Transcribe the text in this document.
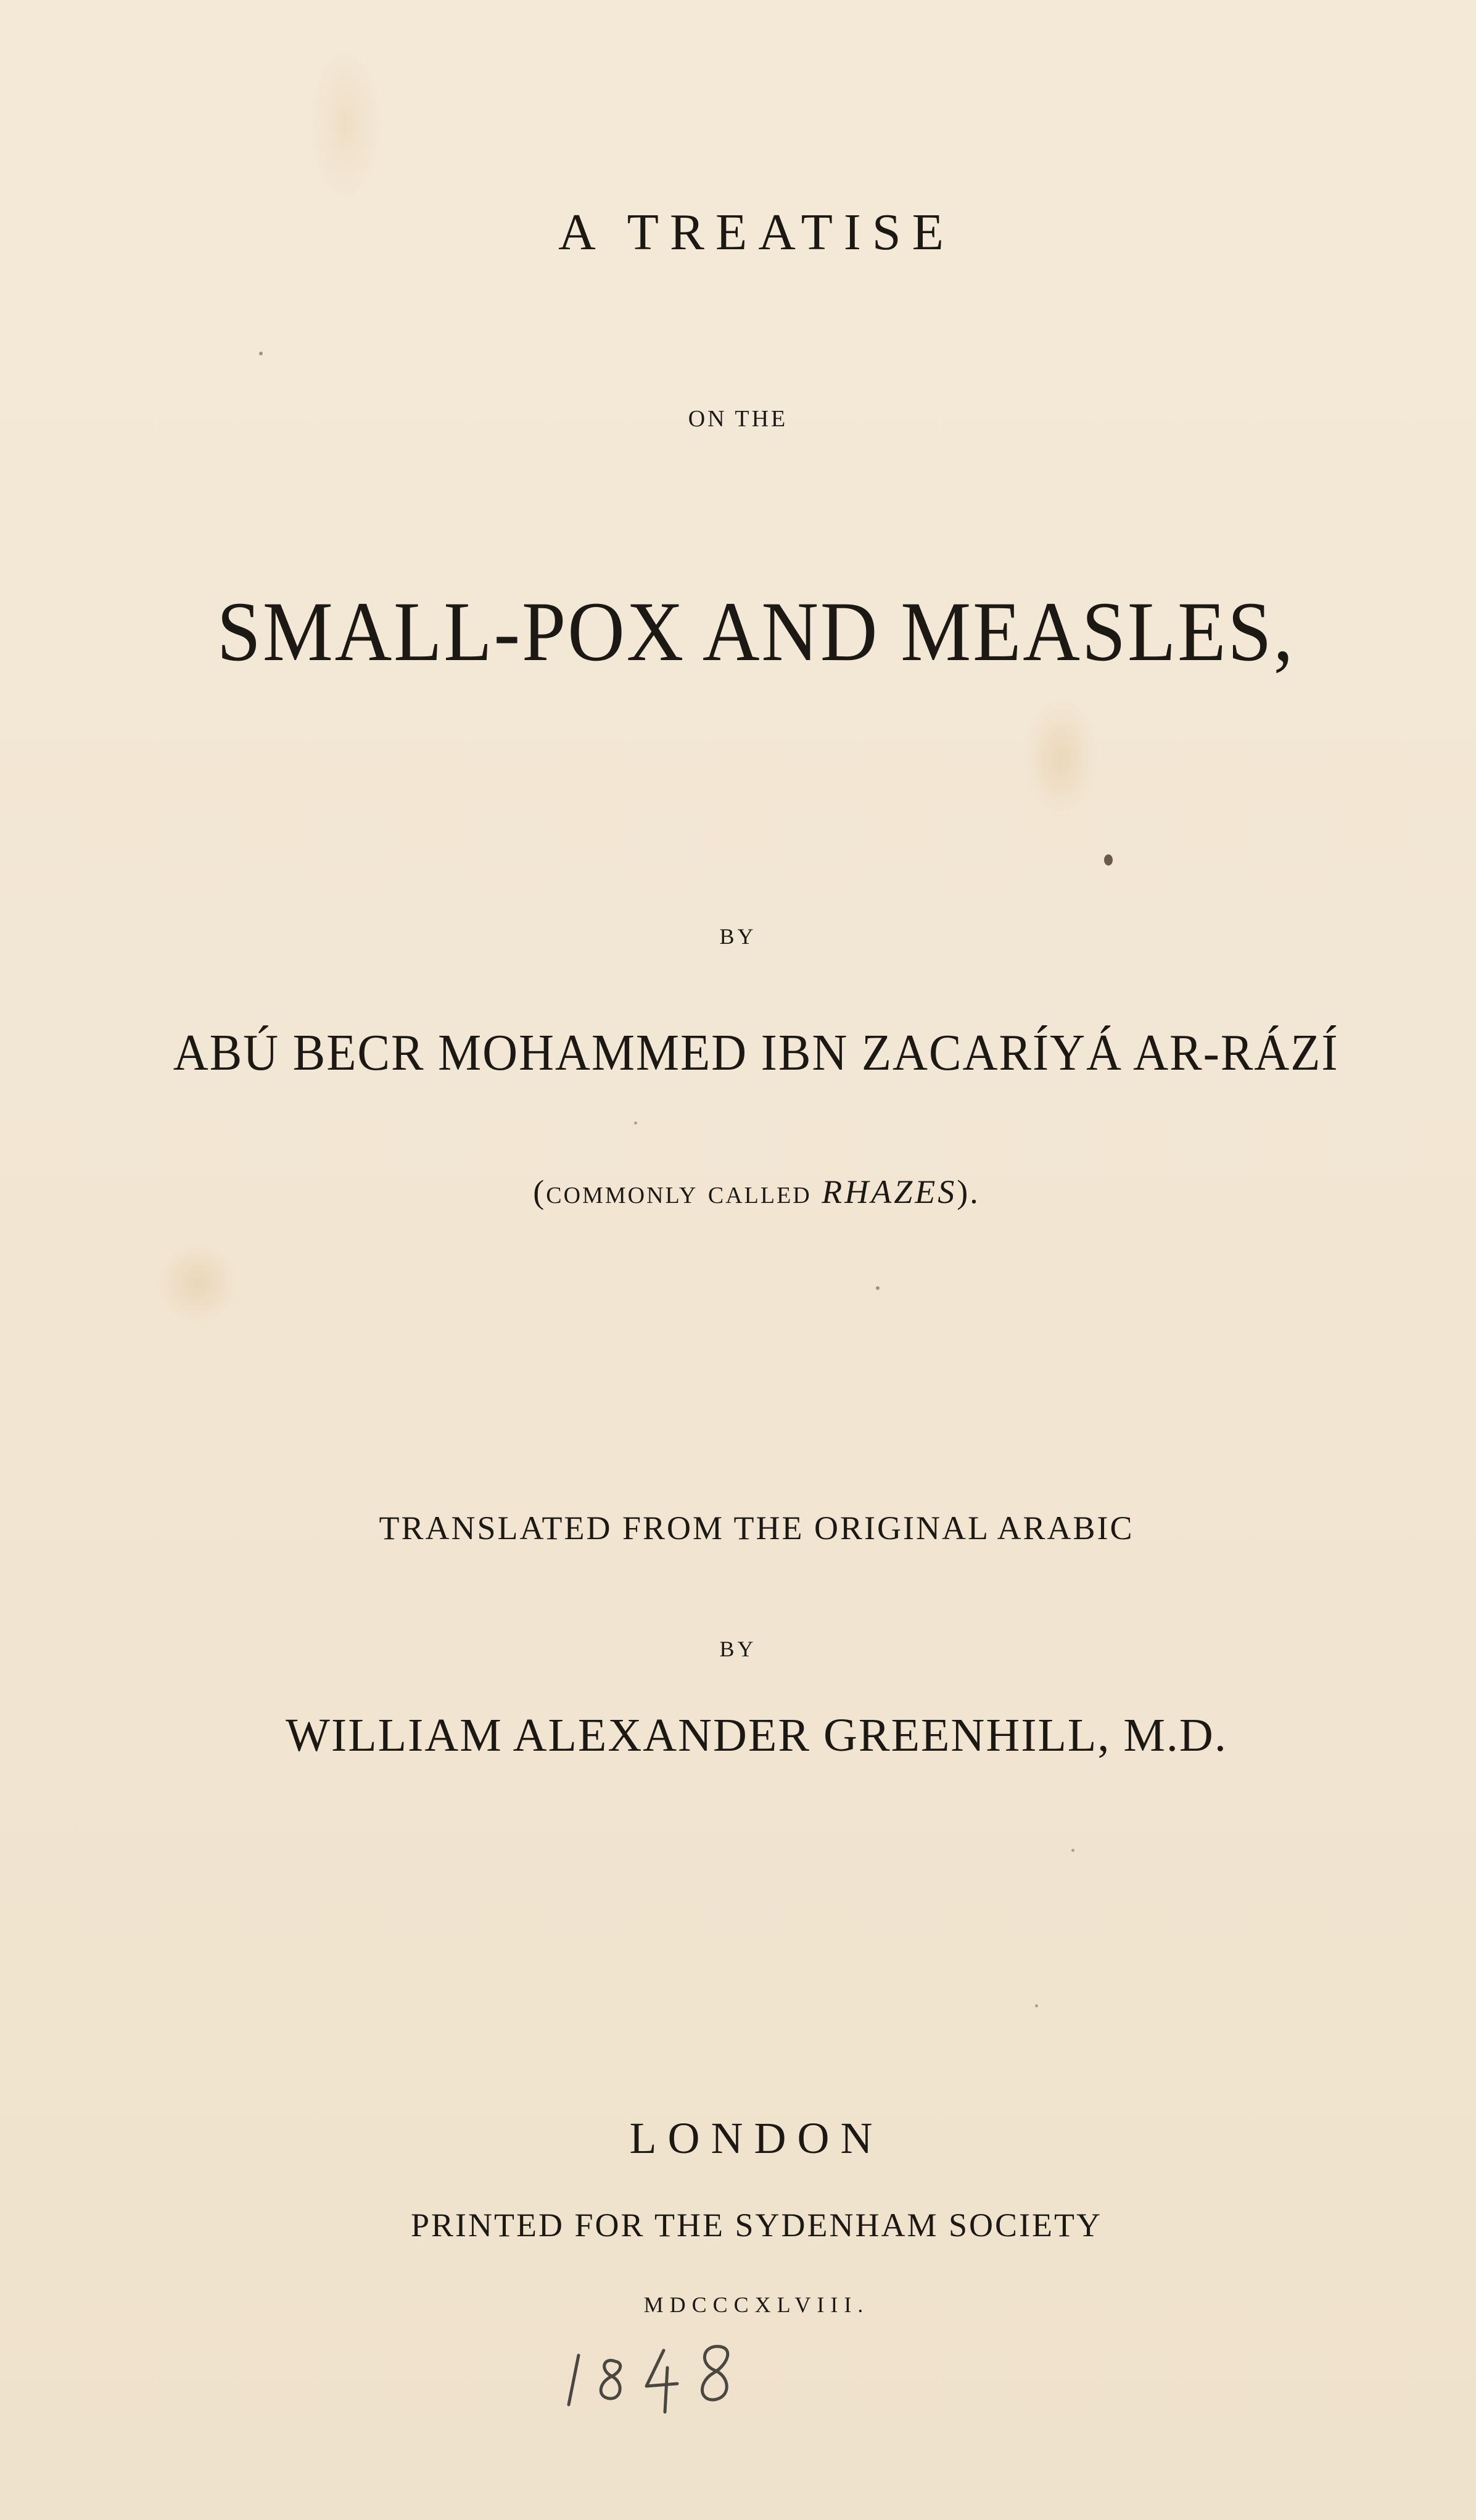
A TREATISE
ON THE
SMALL-POX AND MEASLES,
BY
ABÚ BECR MOHAMMED IBN ZACARÍYÁ AR-RÁZÍ
(commonly called RHAZES).
TRANSLATED FROM THE ORIGINAL ARABIC
BY
WILLIAM ALEXANDER GREENHILL, M.D.
LONDON
PRINTED FOR THE SYDENHAM SOCIETY
MDCCCXLVIII.
